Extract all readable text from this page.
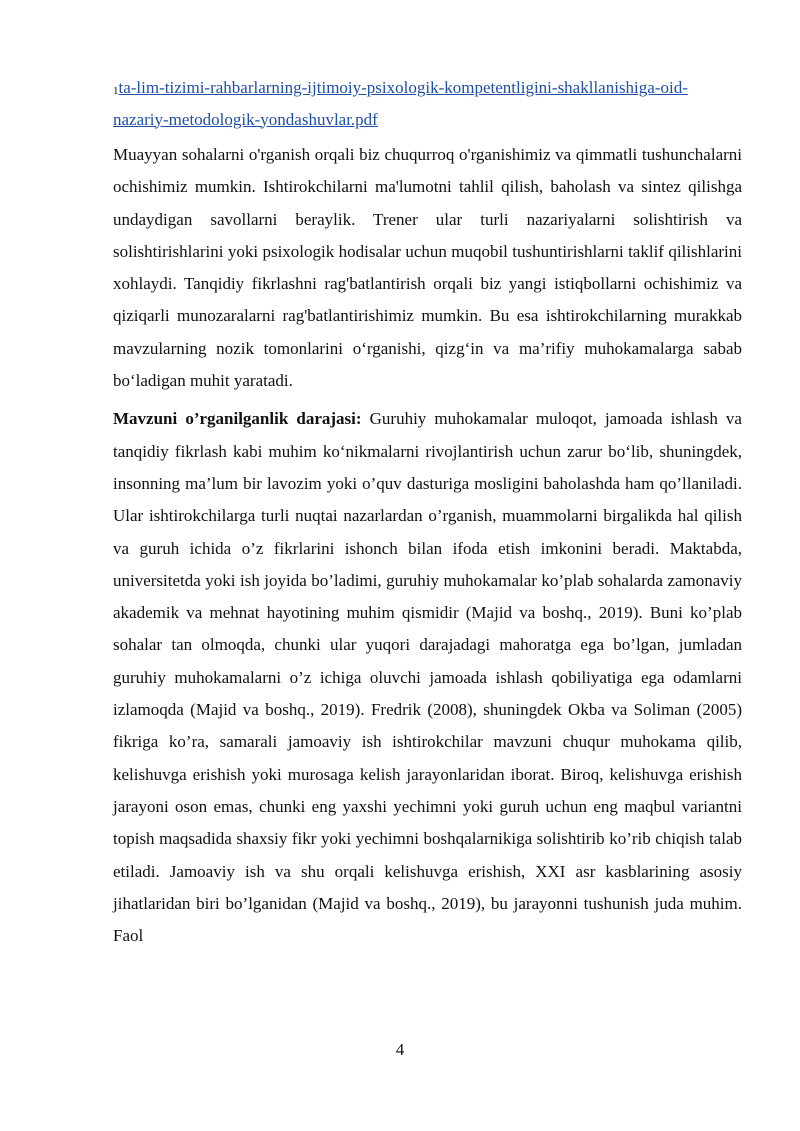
$^1$ta-lim-tizimi-rahbarlarning-ijtimoiy-psixologik-kompetentligini-shakllanishiga-oid-nazariy-metodologik-yondashuvlar.pdf

Muayyan sohalarni o'rganish orqali biz chuqurroq o'rganishimiz va qimmatli tushunchalarni ochishimiz mumkin. Ishtirokchilarni ma'lumotni tahlil qilish, baholash va sintez qilishga undaydigan savollarni beraylik. Trener ular turli nazariyalarni solishtirish va solishtirishlarini yoki psixologik hodisalar uchun muqobil tushuntirishlarni taklif qilishlarini xohlaydi. Tanqidiy fikrlashni rag'batlantirish orqali biz yangi istiqbollarni ochishimiz va qiziqarli munozaralarni rag'batlantirishimiz mumkin. Bu esa ishtirokchilarning murakkab mavzularning nozik tomonlarini o‘rganishi, qizg‘in va ma’rifiy muhokamalarga sabab bo‘ladigan muhit yaratadi.

Mavzuni o’rganilganlik darajasi: Guruhiy muhokamalar muloqot, jamoada ishlash va tanqidiy fikrlash kabi muhim ko‘nikmalarni rivojlantirish uchun zarur bo‘lib, shuningdek, insonning ma’lum bir lavozim yoki o’quv dasturiga mosligini baholashda ham qo’llaniladi. Ular ishtirokchilarga turli nuqtai nazarlardan o’rganish, muammolarni birgalikda hal qilish va guruh ichida o’z fikrlarini ishonch bilan ifoda etish imkonini beradi. Maktabda, universitetda yoki ish joyida bo’ladimi, guruhiy muhokamalar ko’plab sohalarda zamonaviy akademik va mehnat hayotining muhim qismidir (Majid va boshq., 2019). Buni ko’plab sohalar tan olmoqda, chunki ular yuqori darajadagi mahoratga ega bo’lgan, jumladan guruhiy muhokamalarni o’z ichiga oluvchi jamoada ishlash qobiliyatiga ega odamlarni izlamoqda (Majid va boshq., 2019). Fredrik (2008), shuningdek Okba va Soliman (2005) fikriga ko’ra, samarali jamoaviy ish ishtirokchilar mavzuni chuqur muhokama qilib, kelishuvga erishish yoki murosaga kelish jarayonlaridan iborat. Biroq, kelishuvga erishish jarayoni oson emas, chunki eng yaxshi yechimni yoki guruh uchun eng maqbul variantni topish maqsadida shaxsiy fikr yoki yechimni boshqalarnikiga solishtirib ko’rib chiqish talab etiladi. Jamoaviy ish va shu orqali kelishuvga erishish, XXI asr kasblarining asosiy jihatlaridan biri bo’lganidan (Majid va boshq., 2019), bu jarayonni tushunish juda muhim. Faol

4
